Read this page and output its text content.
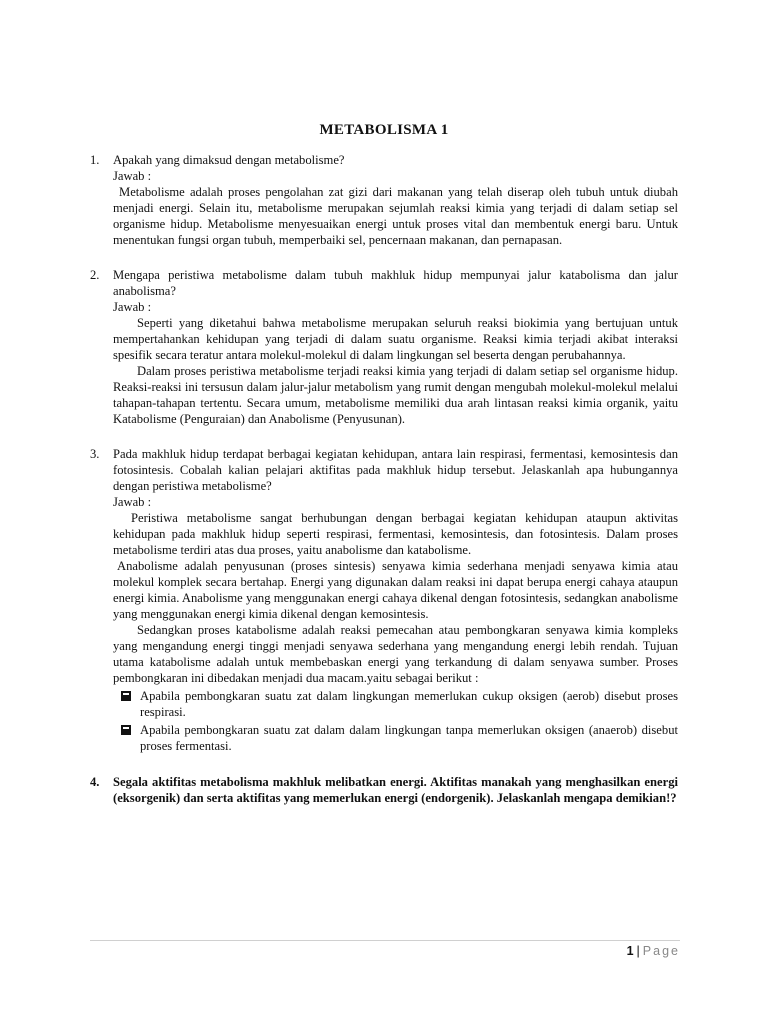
METABOLISMA 1
1. Apakah yang dimaksud dengan metabolisme?

Jawab :

Metabolisme adalah proses pengolahan zat gizi dari makanan yang telah diserap oleh tubuh untuk diubah menjadi energi. Selain itu, metabolisme merupakan sejumlah reaksi kimia yang terjadi di dalam setiap sel organisme hidup. Metabolisme menyesuaikan energi untuk proses vital dan membentuk energi baru. Untuk menentukan fungsi organ tubuh, memperbaiki sel, pencernaan makanan, dan pernapasan.

2. Mengapa peristiwa metabolisme dalam tubuh makhluk hidup mempunyai jalur katabolisma dan jalur anabolisma?

Jawab :

Seperti yang diketahui bahwa metabolisme merupakan seluruh reaksi biokimia yang bertujuan untuk mempertahankan kehidupan yang terjadi di dalam suatu organisme. Reaksi kimia terjadi akibat interaksi spesifik secara teratur antara molekul-molekul di dalam lingkungan sel beserta dengan perubahannya.

Dalam proses peristiwa metabolisme terjadi reaksi kimia yang terjadi di dalam setiap sel organisme hidup. Reaksi-reaksi ini tersusun dalam jalur-jalur metabolism yang rumit dengan mengubah molekul-molekul melalui tahapan-tahapan tertentu. Secara umum, metabolisme memiliki dua arah lintasan reaksi kimia organik, yaitu Katabolisme (Penguraian) dan Anabolisme (Penyusunan).

3. Pada makhluk hidup terdapat berbagai kegiatan kehidupan, antara lain respirasi, fermentasi, kemosintesis dan fotosintesis. Cobalah kalian pelajari aktifitas pada makhluk hidup tersebut. Jelaskanlah apa hubungannya dengan peristiwa metabolisme?

Jawab :

Peristiwa metabolisme sangat berhubungan dengan berbagai kegiatan kehidupan ataupun aktivitas kehidupan pada makhluk hidup seperti respirasi, fermentasi, kemosintesis, dan fotosintesis. Dalam proses metabolisme terdiri atas dua proses, yaitu anabolisme dan katabolisme.

Anabolisme adalah penyusunan (proses sintesis) senyawa kimia sederhana menjadi senyawa kimia atau molekul komplek secara bertahap. Energi yang digunakan dalam reaksi ini dapat berupa energi cahaya ataupun energi kimia. Anabolisme yang menggunakan energi cahaya dikenal dengan fotosintesis, sedangkan anabolisme yang menggunakan energi kimia dikenal dengan kemosintesis.

Sedangkan proses katabolisme adalah reaksi pemecahan atau pembongkaran senyawa kimia kompleks yang mengandung energi tinggi menjadi senyawa sederhana yang mengandung energi lebih rendah. Tujuan utama katabolisme adalah untuk membebaskan energi yang terkandung di dalam senyawa sumber. Proses pembongkaran ini dibedakan menjadi dua macam.yaitu sebagai berikut :

Apabila pembongkaran suatu zat dalam lingkungan memerlukan cukup oksigen (aerob) disebut proses respirasi.
Apabila pembongkaran suatu zat dalam dalam lingkungan tanpa memerlukan oksigen (anaerob) disebut proses fermentasi.
4. Segala aktifitas metabolisma makhluk melibatkan energi. Aktifitas manakah yang menghasilkan energi (eksorgenik) dan serta aktifitas yang memerlukan energi (endorgenik). Jelaskanlah mengapa demikian!?

1 | Page
